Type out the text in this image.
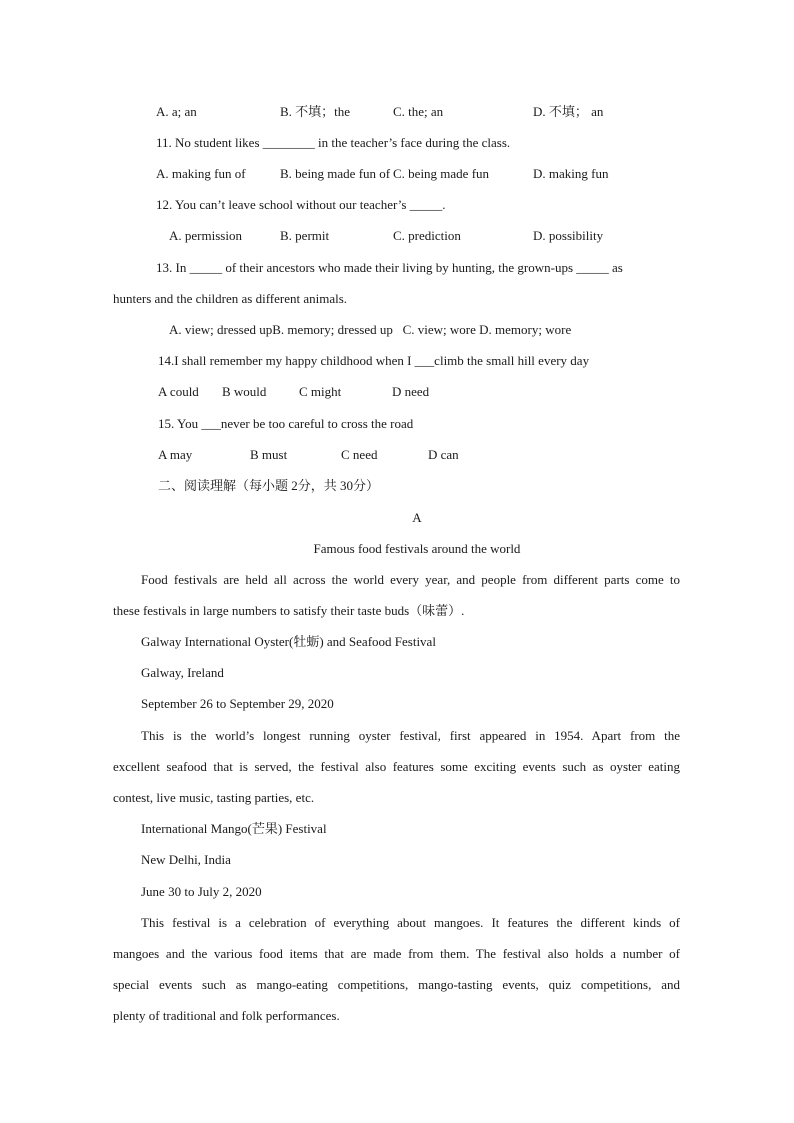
A. a; an	B. 不填；the	C. the; an	D. 不填； an
11. No student likes ________ in the teacher’s face during the class.
A. making fun of	B. being made fun of C. being made fun	D. making fun
12. You can’t leave school without our teacher’s _____.
A. permission	B. permit	C. prediction	D. possibility
13. In _____ of their ancestors who made their living by hunting, the grown-ups _____ as
hunters and the children as different animals.
A. view; dressed upB. memory; dressed up C. view; wore D. memory; wore
14.I shall remember my happy childhood when I ___climb the small hill every day
A could B would	C might	D need
15. You ___never be too careful to cross the road
A may	B must	C need	D can
二、阅读理解（每小题 2分，共 30分）
A
Famous food festivals around the world
Food festivals are held all across the world every year, and people from different parts come to
these festivals in large numbers to satisfy their taste buds（味蕾）.
Galway International Oyster(牡蛎) and Seafood Festival
Galway, Ireland
September 26 to September 29, 2020
This is the world’s longest running oyster festival, first appeared in 1954. Apart from the
excellent seafood that is served, the festival also features some exciting events such as oyster eating
contest, live music, tasting parties, etc.
International Mango(芒果) Festival
New Delhi, India
June 30 to July 2, 2020
This festival is a celebration of everything about mangoes. It features the different kinds of
mangoes and the various food items that are made from them. The festival also holds a number of
special events such as mango-eating competitions, mango-tasting events, quiz competitions, and
plenty of traditional and folk performances.
